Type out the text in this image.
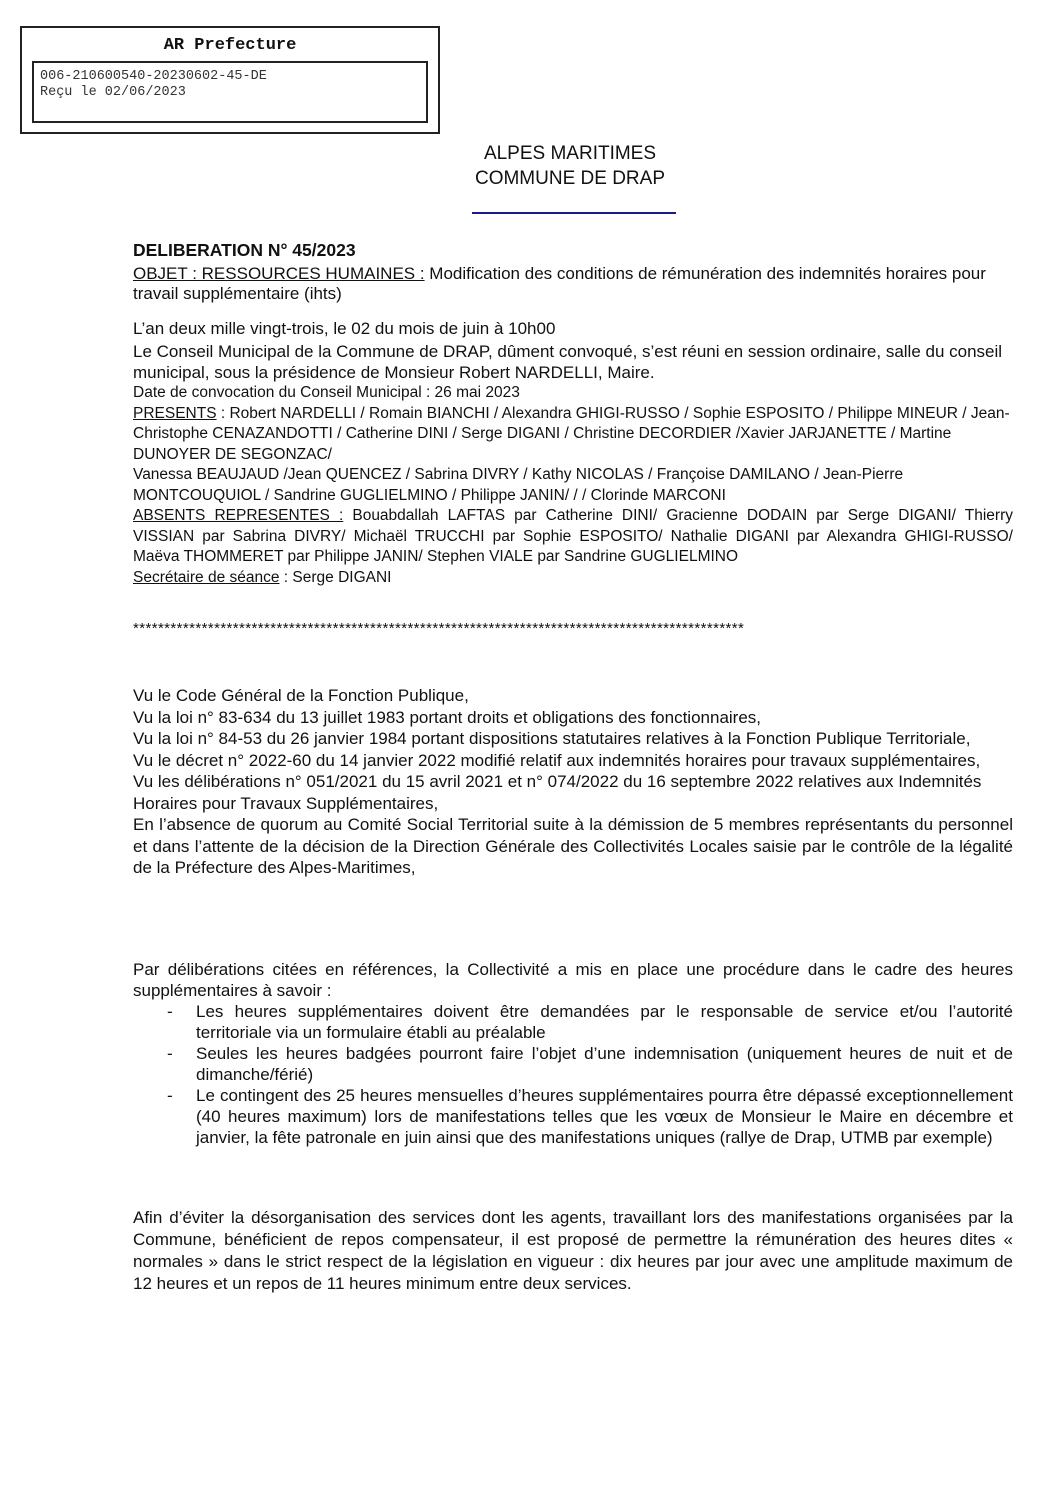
AR Prefecture
006-210600540-20230602-45-DE
Reçu le 02/06/2023
ALPES MARITIMES
COMMUNE DE DRAP
DELIBERATION N° 45/2023
OBJET : RESSOURCES HUMAINES : Modification des conditions de rémunération des indemnités horaires pour travail supplémentaire (ihts)

L’an deux mille vingt-trois, le 02 du mois de juin à 10h00

Le Conseil Municipal de la Commune de DRAP, dûment convoqué, s’est réuni en session ordinaire, salle du conseil municipal, sous la présidence de Monsieur Robert NARDELLI, Maire.

Date de convocation du Conseil Municipal : 26 mai 2023

PRESENTS : Robert NARDELLI / Romain BIANCHI / Alexandra GHIGI-RUSSO / Sophie ESPOSITO / Philippe MINEUR / Jean-Christophe CENAZANDOTTI / Catherine DINI / Serge DIGANI / Christine DECORDIER /Xavier JARJANETTE / Martine DUNOYER DE SEGONZAC/

Vanessa BEAUJAUD /Jean QUENCEZ / Sabrina DIVRY / Kathy NICOLAS / Françoise DAMILANO / Jean-Pierre MONTCOUQUIOL / Sandrine GUGLIELMINO / Philippe JANIN/ / / Clorinde MARCONI

ABSENTS REPRESENTES : Bouabdallah LAFTAS par Catherine DINI/ Gracienne DODAIN par Serge DIGANI/ Thierry VISSIAN par Sabrina DIVRY/ Michaël TRUCCHI par Sophie ESPOSITO/ Nathalie DIGANI par Alexandra GHIGI-RUSSO/ Maëva THOMMERET par Philippe JANIN/ Stephen VIALE par Sandrine GUGLIELMINO

Secrétaire de séance : Serge DIGANI

**************************************************************************************************

Vu le Code Général de la Fonction Publique,

Vu la loi n° 83-634 du 13 juillet 1983 portant droits et obligations des fonctionnaires,

Vu la loi n° 84-53 du 26 janvier 1984 portant dispositions statutaires relatives à la Fonction Publique Territoriale,

Vu le décret n° 2022-60 du 14 janvier 2022 modifié relatif aux indemnités horaires pour travaux supplémentaires,

Vu les délibérations n° 051/2021 du 15 avril 2021 et n° 074/2022 du 16 septembre 2022 relatives aux Indemnités Horaires pour Travaux Supplémentaires,

En l’absence de quorum au Comité Social Territorial suite à la démission de 5 membres représentants du personnel et dans l’attente de la décision de la Direction Générale des Collectivités Locales saisie par le contrôle de la légalité de la Préfecture des Alpes-Maritimes,

Par délibérations citées en références, la Collectivité a mis en place une procédure dans le cadre des heures supplémentaires à savoir :

- Les heures supplémentaires doivent être demandées par le responsable de service et/ou l’autorité territoriale via un formulaire établi au préalable
- Seules les heures badgées pourront faire l’objet d’une indemnisation (uniquement heures de nuit et de dimanche/férié)
- Le contingent des 25 heures mensuelles d’heures supplémentaires pourra être dépassé exceptionnellement (40 heures maximum) lors de manifestations telles que les vœux de Monsieur le Maire en décembre et janvier, la fête patronale en juin ainsi que des manifestations uniques (rallye de Drap, UTMB par exemple)
Afin d’éviter la désorganisation des services dont les agents, travaillant lors des manifestations organisées par la Commune, bénéficient de repos compensateur, il est proposé de permettre la rémunération des heures dites « normales » dans le strict respect de la législation en vigueur : dix heures par jour avec une amplitude maximum de 12 heures et un repos de 11 heures minimum entre deux services.
